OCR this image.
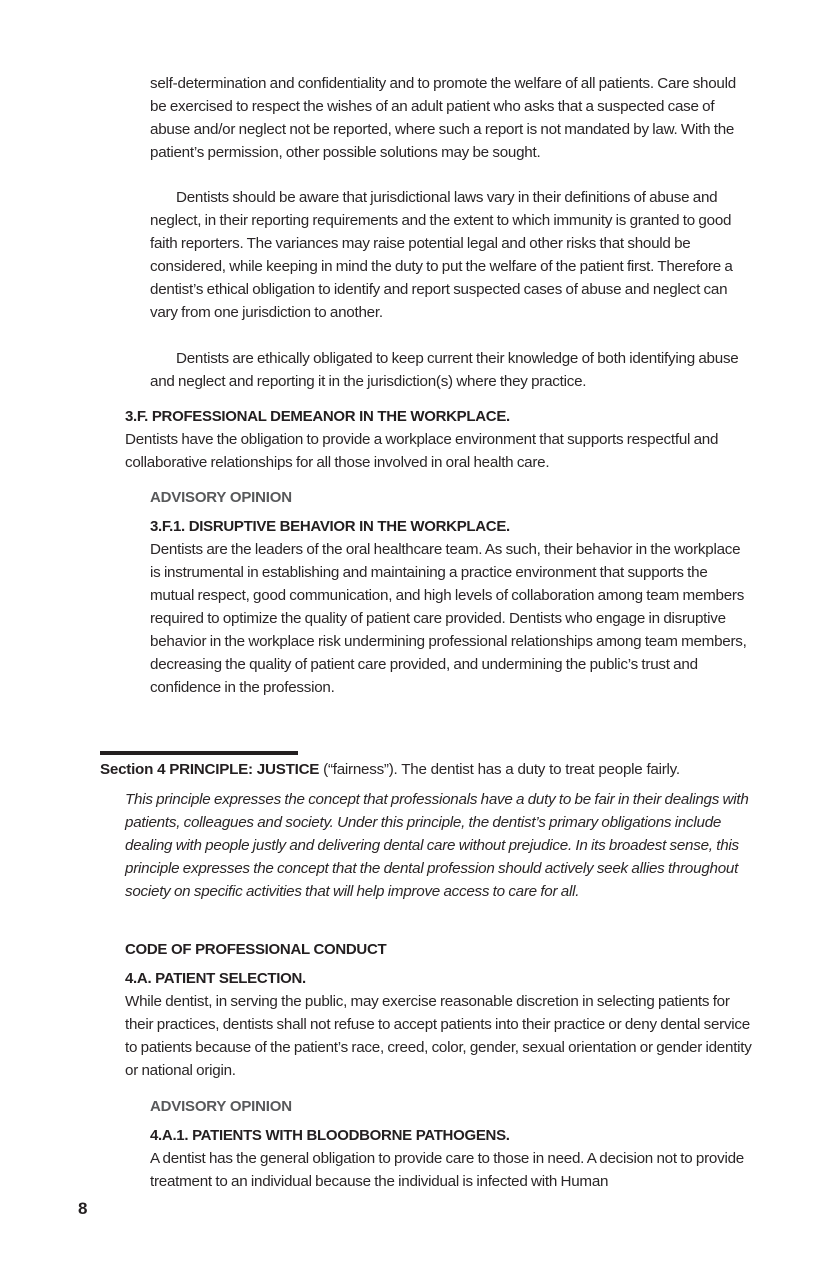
self-determination and confidentiality and to promote the welfare of all patients. Care should be exercised to respect the wishes of an adult patient who asks that a suspected case of abuse and/or neglect not be reported, where such a report is not mandated by law. With the patient’s permission, other possible solutions may be sought.

Dentists should be aware that jurisdictional laws vary in their definitions of abuse and neglect, in their reporting requirements and the extent to which immunity is granted to good faith reporters. The variances may raise potential legal and other risks that should be considered, while keeping in mind the duty to put the welfare of the patient first. Therefore a dentist’s ethical obligation to identify and report suspected cases of abuse and neglect can vary from one jurisdiction to another.

Dentists are ethically obligated to keep current their knowledge of both identifying abuse and neglect and reporting it in the jurisdiction(s) where they practice.

3.F. PROFESSIONAL DEMEANOR IN THE WORKPLACE.

Dentists have the obligation to provide a workplace environment that supports respectful and collaborative relationships for all those involved in oral health care.

ADVISORY OPINION
3.F.1. DISRUPTIVE BEHAVIOR IN THE WORKPLACE.

Dentists are the leaders of the oral healthcare team. As such, their behavior in the workplace is instrumental in establishing and maintaining a practice environment that supports the mutual respect, good communication, and high levels of collaboration among team members required to optimize the quality of patient care provided. Dentists who engage in disruptive behavior in the workplace risk undermining professional relationships among team members, decreasing the quality of patient care provided, and undermining the public’s trust and confidence in the profession.

Section 4 PRINCIPLE: JUSTICE (“fairness”). The dentist has a duty to treat people fairly.

This principle expresses the concept that professionals have a duty to be fair in their dealings with patients, colleagues and society. Under this principle, the dentist’s primary obligations include dealing with people justly and delivering dental care without prejudice. In its broadest sense, this principle expresses the concept that the dental profession should actively seek allies throughout society on specific activities that will help improve access to care for all.

CODE OF PROFESSIONAL CONDUCT
4.A. PATIENT SELECTION.

While dentist, in serving the public, may exercise reasonable discretion in selecting patients for their practices, dentists shall not refuse to accept patients into their practice or deny dental service to patients because of the patient’s race, creed, color, gender, sexual orientation or gender identity or national origin.

ADVISORY OPINION
4.A.1. PATIENTS WITH BLOODBORNE PATHOGENS.

A dentist has the general obligation to provide care to those in need. A decision not to provide treatment to an individual because the individual is infected with Human

8
